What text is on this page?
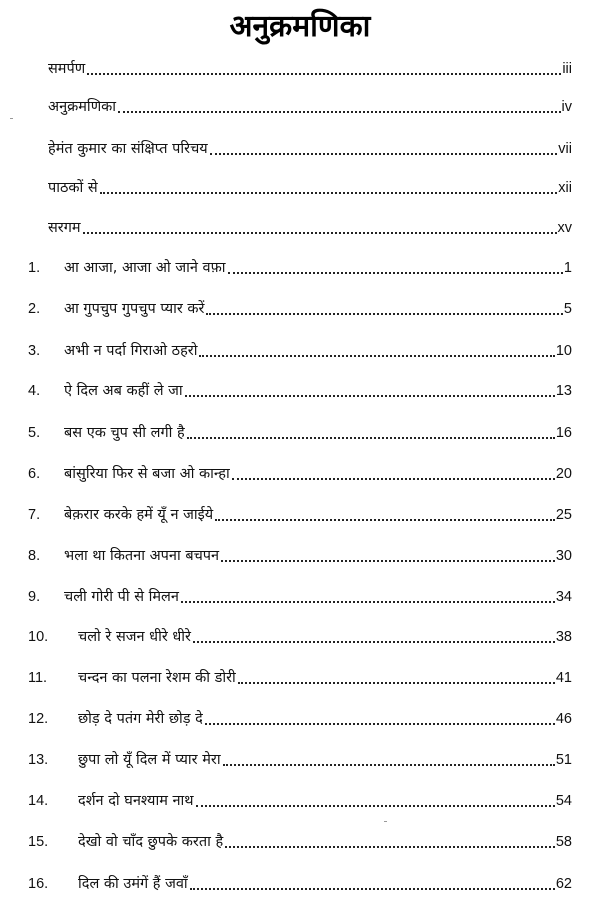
अनुक्रमणिका
समर्पण	iii
अनुक्रमणिका	iv
हेमंत कुमार का संक्षिप्त परिचय	vii
पाठकों से	xii
सरगम	xv
1.	आ आजा, आजा ओ जाने वफ़ा	1
2.	आ गुपचुप गुपचुप प्यार करें	5
3.	अभी न पर्दा गिराओ ठहरो	10
4.	ऐ दिल अब कहीं ले जा	13
5.	बस एक चुप सी लगी है	16
6.	बांसुरिया फिर से बजा ओ कान्हा	20
7.	बेक़रार करके हमें यूँ न जाईये	25
8.	भला था कितना अपना बचपन	30
9.	चली गोरी पी से मिलन	34
10.	चलो रे सजन धीरे धीरे	38
11.	चन्दन का पलना रेशम की डोरी	41
12.	छोड़ दे पतंग मेरी छोड़ दे	46
13.	छुपा लो यूँ दिल में प्यार मेरा	51
14.	दर्शन दो घनश्याम नाथ	54
15.	देखो वो चाँद छुपके करता है	58
16.	दिल की उमंगें हैं जवाँ	62
